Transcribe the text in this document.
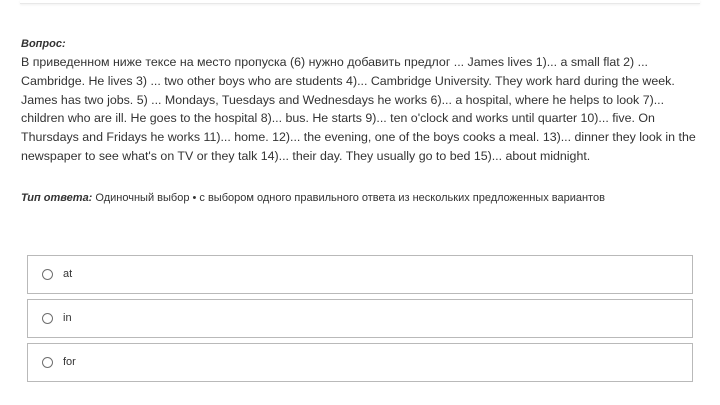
Вопрос:
В приведенном ниже тексе на место пропуска (6) нужно добавить предлог ... James lives 1)... a small flat 2) ... Cambridge. He lives 3) ... two other boys who are students 4)... Cambridge University. They work hard during the week. James has two jobs. 5) ... Mondays, Tuesdays and Wednesdays he works 6)... a hospital, where he helps to look 7)... children who are ill. He goes to the hospital 8)... bus. He starts 9)... ten o'clock and works until quarter 10)... five. On Thursdays and Fridays he works 11)... home. 12)... the evening, one of the boys cooks a meal. 13)... dinner they look in the newspaper to see what's on TV or they talk 14)... their day. They usually go to bed 15)... about midnight.
Тип ответа: Одиночный выбор • с выбором одного правильного ответа из нескольких предложенных вариантов
at
in
for
